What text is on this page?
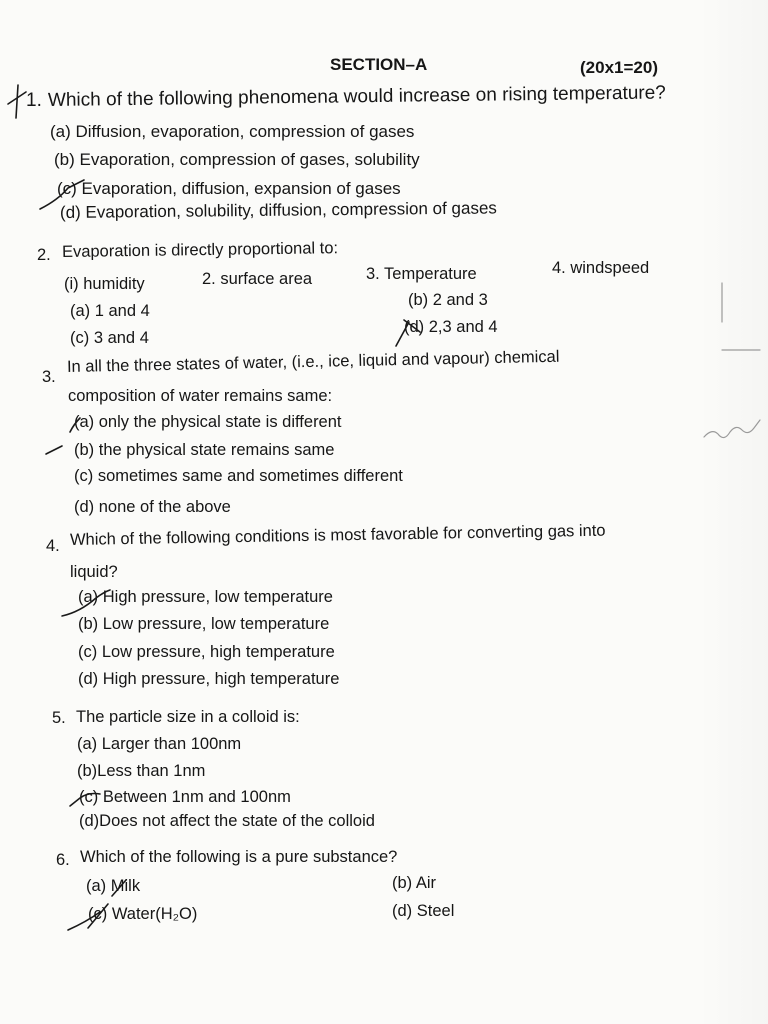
SECTION–A	(20x1=20)
1. Which of the following phenomena would increase on rising temperature?
(a) Diffusion, evaporation, compression of gases
(b) Evaporation, compression of gases, solubility
(c) Evaporation, diffusion, expansion of gases
(d) Evaporation, solubility, diffusion, compression of gases
2. Evaporation is directly proportional to:
(i) humidity	2. surface area	3. Temperature	4. windspeed
(a) 1 and 4
(b) 2 and 3
(c) 3 and 4
(d) 2,3 and 4
3.
In all the three states of water, (i.e., ice, liquid and vapour) chemical
composition of water remains same:
(a) only the physical state is different
(b) the physical state remains same
(c) sometimes same and sometimes different
(d) none of the above
4. Which of the following conditions is most favorable for converting gas into
liquid?
(a) High pressure, low temperature
(b) Low pressure, low temperature
(c) Low pressure, high temperature
(d) High pressure, high temperature
5. The particle size in a colloid is:
(a) Larger than 100nm
(b)Less than 1nm
(c) Between 1nm and 100nm
(d)Does not affect the state of the colloid
6. Which of the following is a pure substance?
(a) Milk	(b) Air
(c) Water(H₂O)	(d) Steel
